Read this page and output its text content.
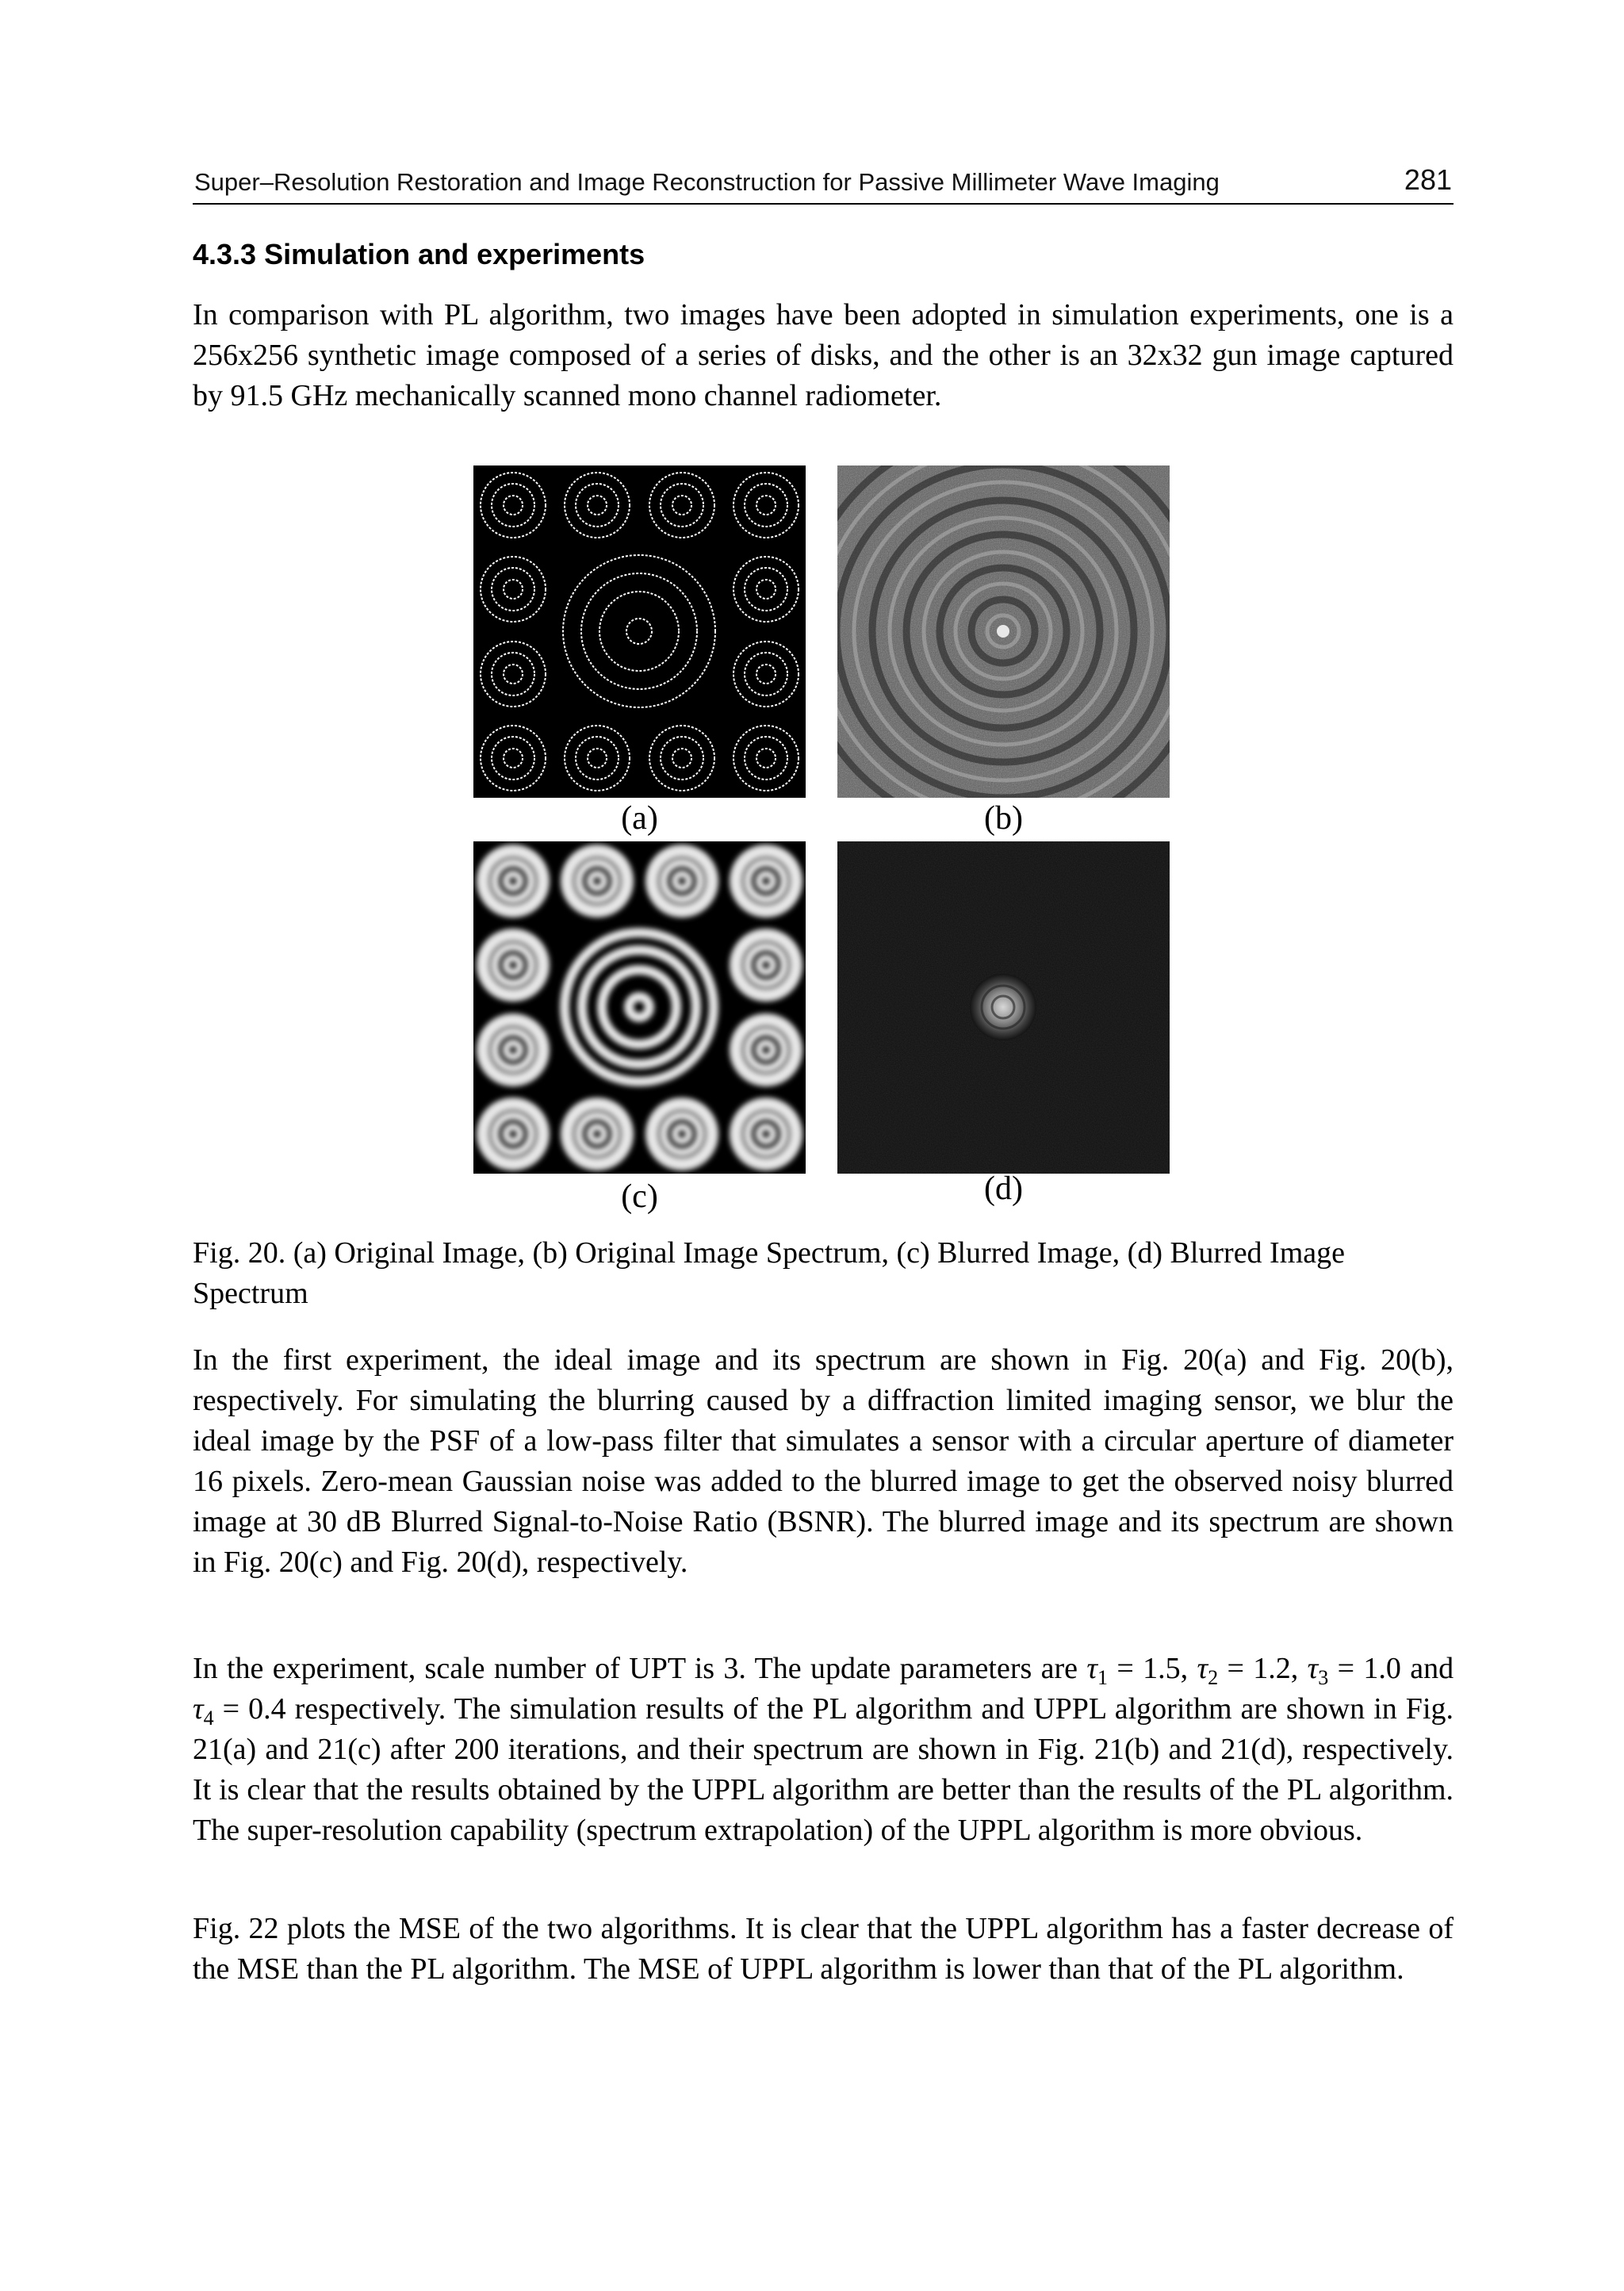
Super–Resolution Restoration and Image Reconstruction for Passive Millimeter Wave Imaging	281
4.3.3 Simulation and experiments

In comparison with PL algorithm, two images have been adopted in simulation experiments, one is a 256x256 synthetic image composed of a series of disks, and the other is an 32x32 gun image captured by 91.5 GHz mechanically scanned mono channel radiometer.

(a)	(b)
(c)	(d)

Fig. 20. (a) Original Image, (b) Original Image Spectrum, (c) Blurred Image, (d) Blurred Image Spectrum

In the first experiment, the ideal image and its spectrum are shown in Fig. 20(a) and Fig. 20(b), respectively. For simulating the blurring caused by a diffraction limited imaging sensor, we blur the ideal image by the PSF of a low-pass filter that simulates a sensor with a circular aperture of diameter 16 pixels. Zero-mean Gaussian noise was added to the blurred image to get the observed noisy blurred image at 30 dB Blurred Signal-to-Noise Ratio (BSNR). The blurred image and its spectrum are shown in Fig. 20(c) and Fig. 20(d), respectively.

In the experiment, scale number of UPT is 3. The update parameters are $\tau_1 = 1.5$, $\tau_2 = 1.2$, $\tau_3 = 1.0$ and $\tau_4 = 0.4$ respectively. The simulation results of the PL algorithm and UPPL algorithm are shown in Fig. 21(a) and 21(c) after 200 iterations, and their spectrum are shown in Fig. 21(b) and 21(d), respectively. It is clear that the results obtained by the UPPL algorithm are better than the results of the PL algorithm. The super-resolution capability (spectrum extrapolation) of the UPPL algorithm is more obvious.

Fig. 22 plots the MSE of the two algorithms. It is clear that the UPPL algorithm has a faster decrease of the MSE than the PL algorithm. The MSE of UPPL algorithm is lower than that of the PL algorithm.
